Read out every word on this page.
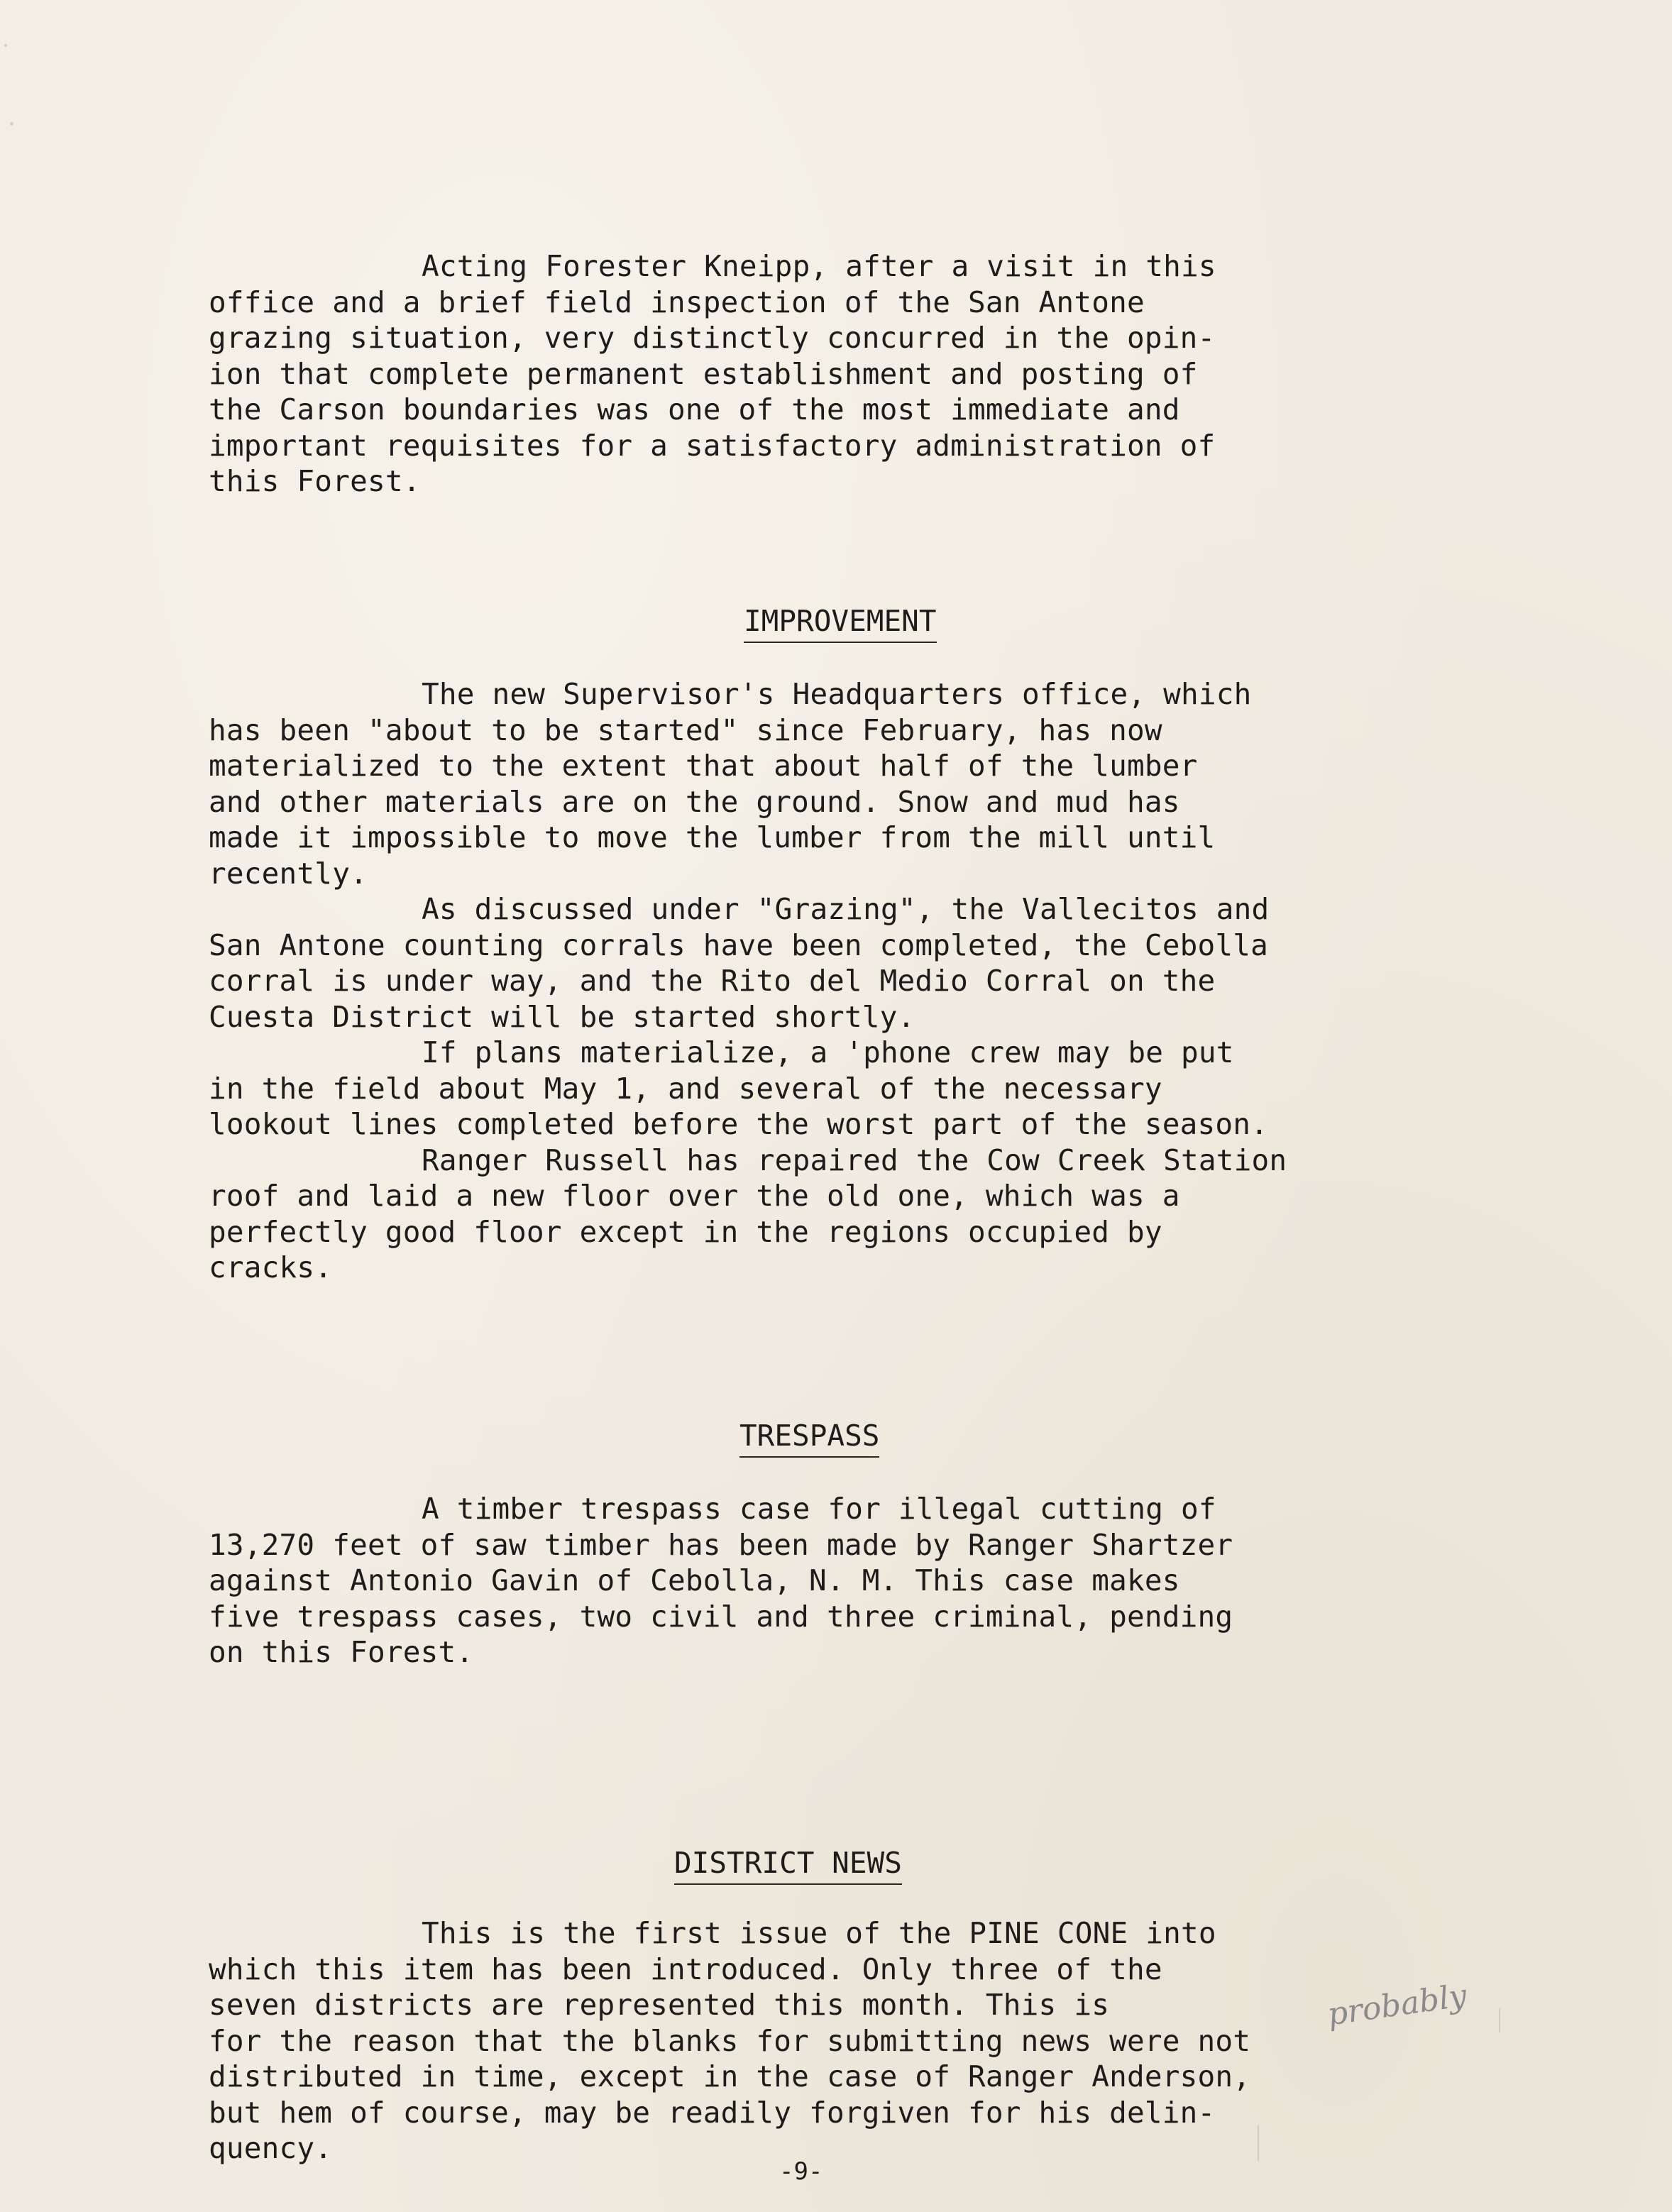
Acting Forester Kneipp, after a visit in this
office and a brief field inspection of the San Antone
grazing situation, very distinctly concurred in the opin-
ion that complete permanent establishment and posting of
the Carson boundaries was one of the most immediate and
important requisites for a satisfactory administration of
this Forest.
IMPROVEMENT
The new Supervisor's Headquarters office, which
has been "about to be started" since February, has now
materialized to the extent that about half of the lumber
and other materials are on the ground. Snow and mud has
made it impossible to move the lumber from the mill until
recently.
As discussed under "Grazing", the Vallecitos and
San Antone counting corrals have been completed, the Cebolla
corral is under way, and the Rito del Medio Corral on the
Cuesta District will be started shortly.
If plans materialize, a 'phone crew may be put
in the field about May 1, and several of the necessary
lookout lines completed before the worst part of the season.
Ranger Russell has repaired the Cow Creek Station
roof and laid a new floor over the old one, which was a
perfectly good floor except in the regions occupied by
cracks.
TRESPASS
A timber trespass case for illegal cutting of
13,270 feet of saw timber has been made by Ranger Shartzer
against Antonio Gavin of Cebolla, N. M. This case makes
five trespass cases, two civil and three criminal, pending
on this Forest.
DISTRICT NEWS
This is the first issue of the PINE CONE into
which this item has been introduced. Only three of the
seven districts are represented this month. This is
for the reason that the blanks for submitting news were not
distributed in time, except in the case of Ranger Anderson,
but hem of course, may be readily forgiven for his delin-
quency.
probably
-9-
